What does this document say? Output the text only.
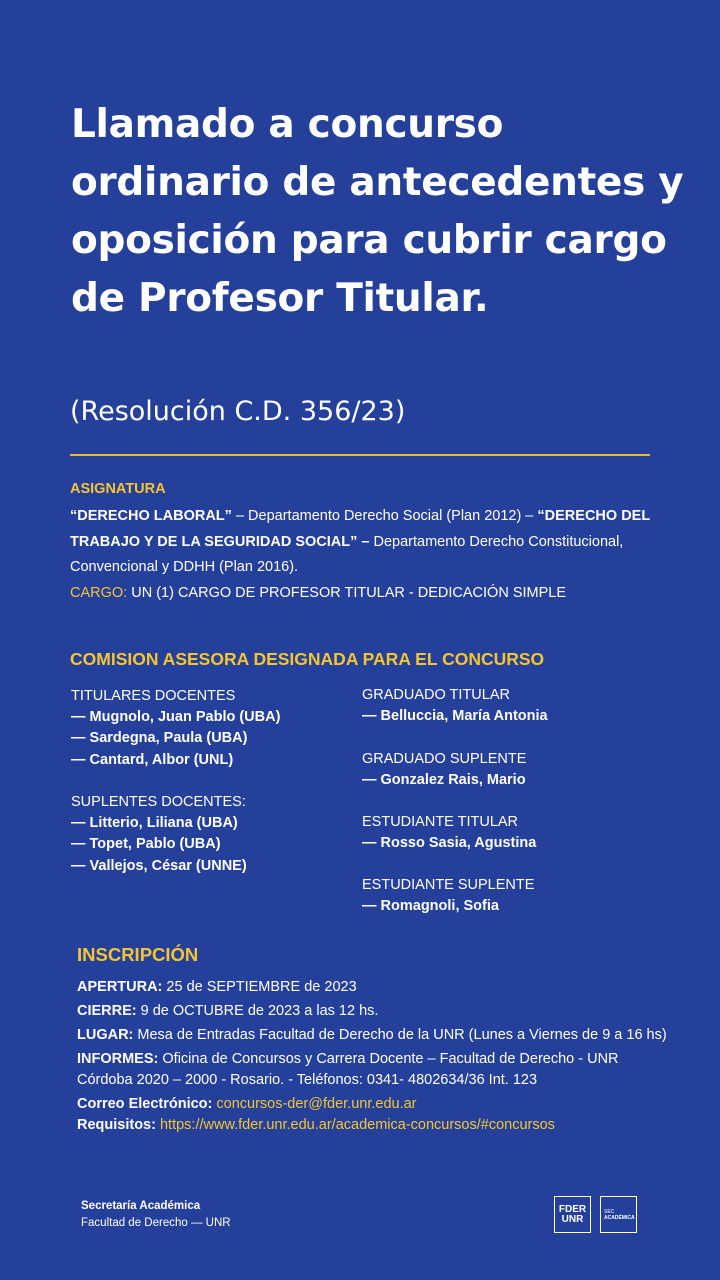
Llamado a concurso ordinario de antecedentes y oposición para cubrir cargo de Profesor Titular.
(Resolución C.D. 356/23)
ASIGNATURA
“DERECHO LABORAL” – Departamento Derecho Social (Plan 2012) – “DERECHO DEL TRABAJO Y DE LA SEGURIDAD SOCIAL” – Departamento Derecho Constitucional, Convencional y DDHH (Plan 2016).
CARGO: UN (1) CARGO DE PROFESOR TITULAR - DEDICACIÓN SIMPLE
COMISION ASESORA DESIGNADA PARA EL CONCURSO
TITULARES DOCENTES
— Mugnolo, Juan Pablo (UBA)
— Sardegna, Paula (UBA)
— Cantard, Albor (UNL)
SUPLENTES DOCENTES:
— Litterio, Liliana (UBA)
— Topet, Pablo (UBA)
— Vallejos, César (UNNE)
GRADUADO TITULAR
— Belluccia, María Antonia
GRADUADO SUPLENTE
— Gonzalez Rais, Mario
ESTUDIANTE TITULAR
— Rosso Sasia, Agustina
ESTUDIANTE SUPLENTE
— Romagnoli, Sofia
INSCRIPCIÓN
APERTURA: 25 de SEPTIEMBRE de 2023
CIERRE: 9 de OCTUBRE de 2023 a las 12 hs.
LUGAR: Mesa de Entradas Facultad de Derecho de la UNR (Lunes a Viernes de 9 a 16 hs)
INFORMES: Oficina de Concursos y Carrera Docente – Facultad de Derecho - UNR Córdoba 2020 – 2000 - Rosario. - Teléfonos: 0341- 4802634/36 Int. 123
Correo Electrónico: concursos-der@fder.unr.edu.ar
Requisitos: https://www.fder.unr.edu.ar/academica-concursos/#concursos
Secretaría Académica
Facultad de Derecho — UNR
FDER
UNR
SEC
ACADÉMICA
